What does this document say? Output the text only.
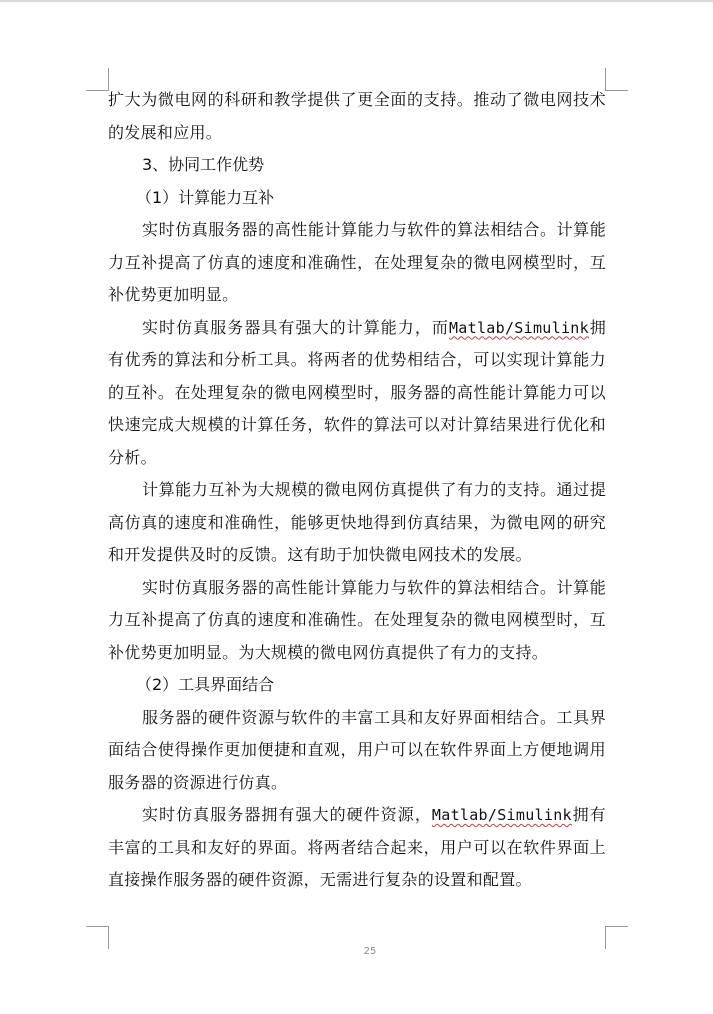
扩大为微电网的科研和教学提供了更全面的支持。推动了微电网技术的发展和应用。

3、协同工作优势

（1）计算能力互补

实时仿真服务器的高性能计算能力与软件的算法相结合。计算能力互补提高了仿真的速度和准确性，在处理复杂的微电网模型时，互补优势更加明显。

实时仿真服务器具有强大的计算能力，而Matlab/Simulink拥有优秀的算法和分析工具。将两者的优势相结合，可以实现计算能力的互补。在处理复杂的微电网模型时，服务器的高性能计算能力可以快速完成大规模的计算任务，软件的算法可以对计算结果进行优化和分析。

计算能力互补为大规模的微电网仿真提供了有力的支持。通过提高仿真的速度和准确性，能够更快地得到仿真结果，为微电网的研究和开发提供及时的反馈。这有助于加快微电网技术的发展。

实时仿真服务器的高性能计算能力与软件的算法相结合。计算能力互补提高了仿真的速度和准确性。在处理复杂的微电网模型时，互补优势更加明显。为大规模的微电网仿真提供了有力的支持。

（2）工具界面结合

服务器的硬件资源与软件的丰富工具和友好界面相结合。工具界面结合使得操作更加便捷和直观，用户可以在软件界面上方便地调用服务器的资源进行仿真。

实时仿真服务器拥有强大的硬件资源，Matlab/Simulink拥有丰富的工具和友好的界面。将两者结合起来，用户可以在软件界面上直接操作服务器的硬件资源，无需进行复杂的设置和配置。

25
